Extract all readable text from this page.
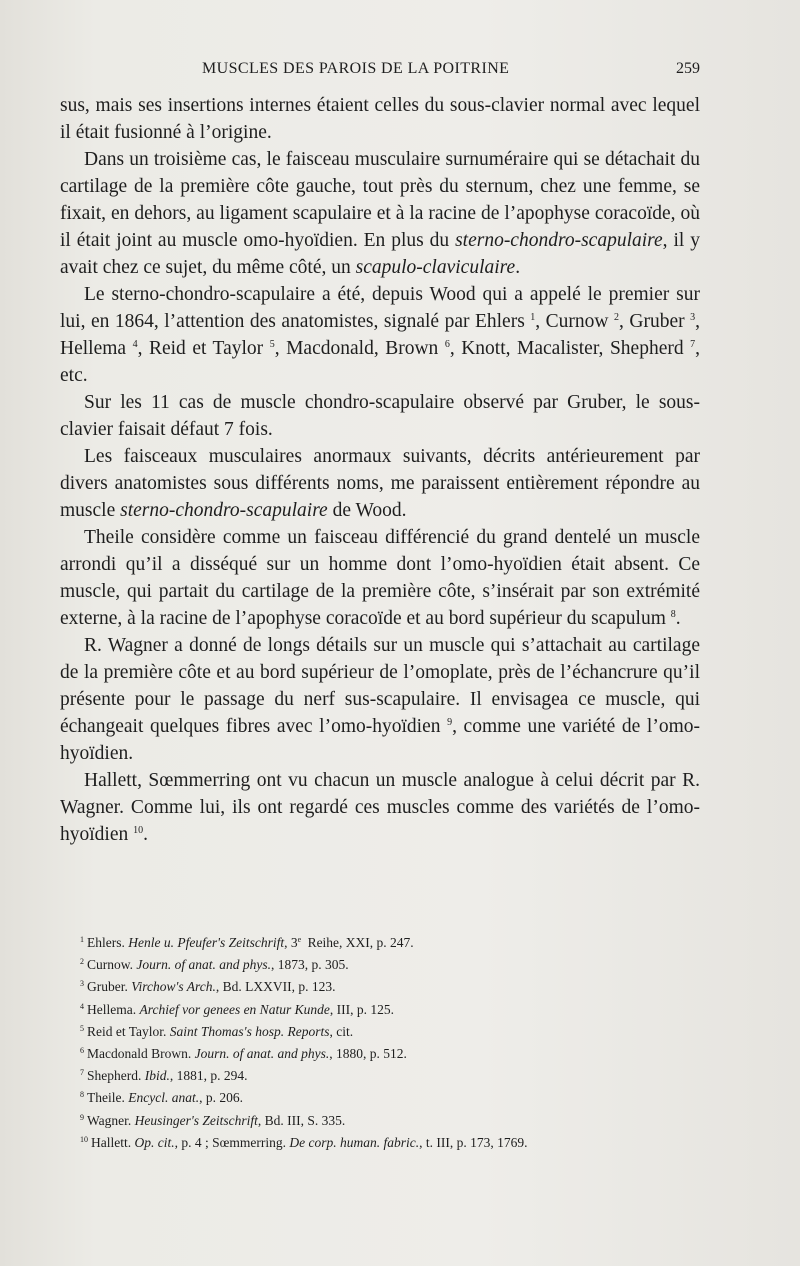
MUSCLES DES PAROIS DE LA POITRINE	259

sus, mais ses insertions internes étaient celles du sous-clavier normal avec lequel il était fusionné à l’origine.

Dans un troisième cas, le faisceau musculaire surnuméraire qui se détachait du cartilage de la première côte gauche, tout près du sternum, chez une femme, se fixait, en dehors, au ligament scapulaire et à la racine de l’apophyse coracoïde, où il était joint au muscle omo-hyoïdien. En plus du sterno-chondro-scapulaire, il y avait chez ce sujet, du même côté, un scapulo-claviculaire.

Le sterno-chondro-scapulaire a été, depuis Wood qui a appelé le premier sur lui, en 1864, l’attention des anatomistes, signalé par Ehlers $^1$, Curnow $^2$, Gruber $^3$, Hellema $^4$, Reid et Taylor $^5$, Macdonald, Brown $^6$, Knott, Macalister, Shepherd $^7$, etc.

Sur les 11 cas de muscle chondro-scapulaire observé par Gruber, le sous-clavier faisait défaut 7 fois.

Les faisceaux musculaires anormaux suivants, décrits antérieurement par divers anatomistes sous différents noms, me paraissent entièrement répondre au muscle sterno-chondro-scapulaire de Wood.

Theile considère comme un faisceau différencié du grand dentelé un muscle arrondi qu’il a disséqué sur un homme dont l’omo-hyoïdien était absent. Ce muscle, qui partait du cartilage de la première côte, s’insérait par son extrémité externe, à la racine de l’apophyse coracoïde et au bord supérieur du scapulum $^8$.

R. Wagner a donné de longs détails sur un muscle qui s’attachait au cartilage de la première côte et au bord supérieur de l’omoplate, près de l’échancrure qu’il présente pour le passage du nerf sus-scapulaire. Il envisagea ce muscle, qui échangeait quelques fibres avec l’omo-hyoïdien $^9$, comme une variété de l’omo-hyoïdien.

Hallett, Sœmmerring ont vu chacun un muscle analogue à celui décrit par R. Wagner. Comme lui, ils ont regardé ces muscles comme des variétés de l’omo-hyoïdien $^{10}$.

$^1$ Ehlers. Henle u. Pfeufer's Zeitschrift, 3e Reihe, XXI, p. 247.
$^2$ Curnow. Journ. of anat. and phys., 1873, p. 305.
$^3$ Gruber. Virchow's Arch., Bd. LXXVII, p. 123.
$^4$ Hellema. Archief vor genees en Natur Kunde, III, p. 125.
$^5$ Reid et Taylor. Saint Thomas's hosp. Reports, cit.
$^6$ Macdonald Brown. Journ. of anat. and phys., 1880, p. 512.
$^7$ Shepherd. Ibid., 1881, p. 294.
$^8$ Theile. Encycl. anat., p. 206.
$^9$ Wagner. Heusinger's Zeitschrift, Bd. III, S. 335.
$^{10}$ Hallett. Op. cit., p. 4 ; Sœmmerring. De corp. human. fabric., t. III, p. 173, 1769.
